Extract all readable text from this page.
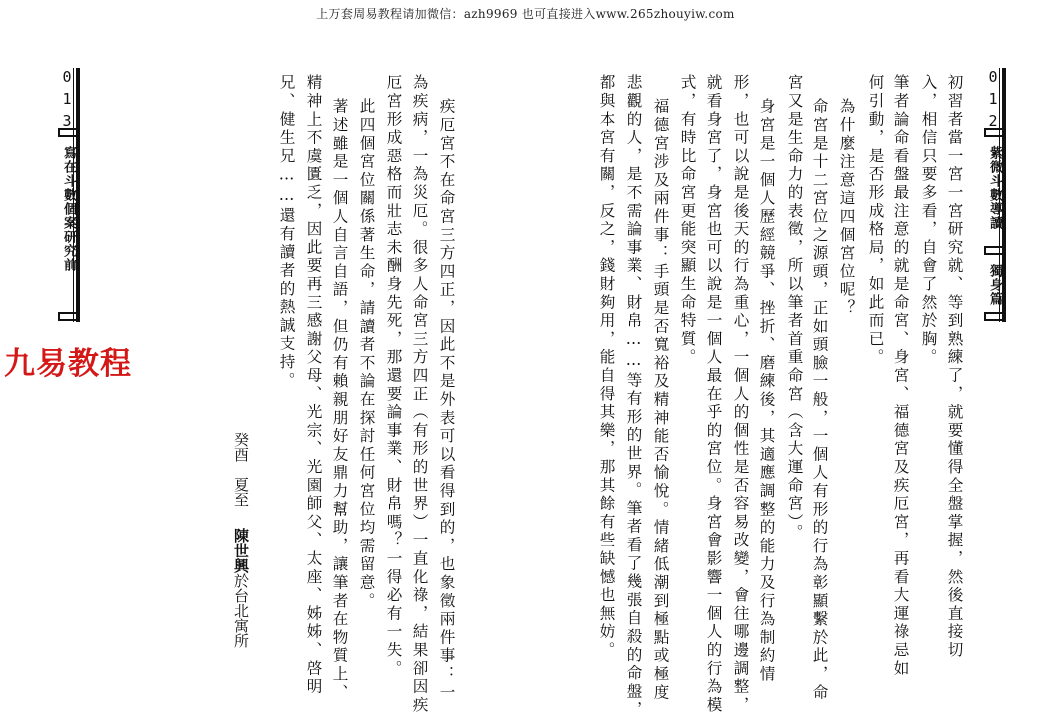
上万套周易教程请加微信：azh9969 也可直接进入www.265zhouyiw.com
012
紫微斗數導讀
獨身篇
初習者當一宮一宮研究就、等到熟練了，就要懂得全盤掌握，然後直接切
入，相信只要多看，自會了然於胸。
筆者論命看盤最注意的就是命宮、身宮、福德宮及疾厄宮，再看大運祿忌如
何引動，是否形成格局，如此而已。
為什麼注意這四個宮位呢？
命宮是十二宮位之源頭，正如頭臉一般，一個人有形的行為彰顯繫於此，命
宮又是生命力的表徵，所以筆者首重命宮（含大運命宮）。
身宮是一個人歷經競爭、挫折、磨練後，其適應調整的能力及行為制約情
形，也可以說是後天的行為重心，一個人的個性是否容易改變，會往哪邊調整，
就看身宮了，身宮也可以說是一個人最在乎的宮位。身宮會影響一個人的行為模
式，有時比命宮更能突顯生命特質。
福德宮涉及兩件事：手頭是否寬裕及精神能否愉悅。情緒低潮到極點或極度
悲觀的人，是不需論事業、財帛……等有形的世界。筆者看了幾張自殺的命盤，
都與本宮有關，反之，錢財夠用，能自得其樂，那其餘有些缺憾也無妨。
疾厄宮不在命宮三方四正，因此不是外表可以看得到的，也象徵兩件事：一
為疾病，一為災厄。很多人命宮三方四正（有形的世界）一直化祿，結果卻因疾
厄宮形成惡格而壯志未酬身先死，那還要論事業、財帛嗎？一得必有一失。
此四個宮位關係著生命，請讀者不論在探討任何宮位均需留意。
著述雖是一個人自言自語，但仍有賴親朋好友鼎力幫助，讓筆者在物質上、
精神上不虞匱乏，因此要再三感謝父母、光宗、光園師父、太座、姊姊、啓明
兄、健生兄……還有讀者的熱誠支持。
癸酉　夏至
陳世興於台北寓所
013
寫在斗數個案研究前
九易教程
